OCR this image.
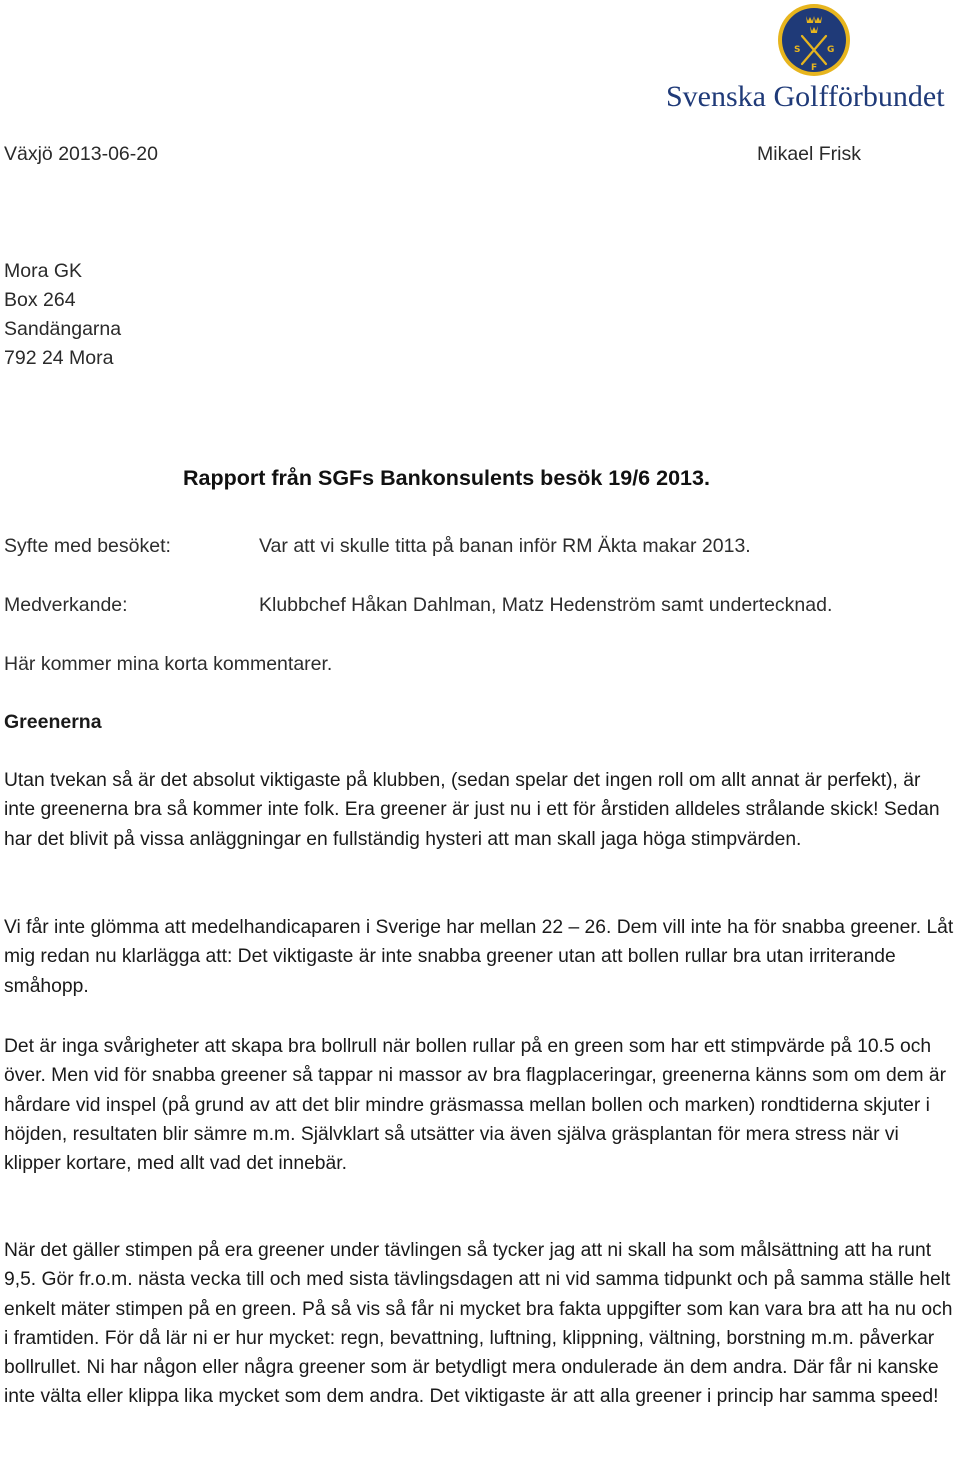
S	G
F
Svenska Golfförbundet
Växjö 2013-06-20	Mikael Frisk
Mora GK
Box 264
Sandängarna
792 24 Mora
Rapport från SGFs Bankonsulents besök 19/6 2013.
Syfte med besöket:	Var att vi skulle titta på banan inför RM Äkta makar 2013.
Medverkande:	Klubbchef Håkan Dahlman, Matz Hedenström samt undertecknad.
Här kommer mina korta kommentarer.
Greenerna

Utan tvekan så är det absolut viktigaste på klubben, (sedan spelar det ingen roll om allt annat är perfekt), är inte greenerna bra så kommer inte folk. Era greener är just nu i ett för årstiden alldeles strålande skick! Sedan har det blivit på vissa anläggningar en fullständig hysteri att man skall jaga höga stimpvärden.

Vi får inte glömma att medelhandicaparen i Sverige har mellan 22 – 26. Dem vill inte ha för snabba greener. Låt mig redan nu klarlägga att: Det viktigaste är inte snabba greener utan att bollen rullar bra utan irriterande småhopp.

Det är inga svårigheter att skapa bra bollrull när bollen rullar på en green som har ett stimpvärde på 10.5 och över. Men vid för snabba greener så tappar ni massor av bra flagplaceringar, greenerna känns som om dem är hårdare vid inspel (på grund av att det blir mindre gräsmassa mellan bollen och marken) rondtiderna skjuter i höjden, resultaten blir sämre m.m. Självklart så utsätter via även själva gräsplantan för mera stress när vi klipper kortare, med allt vad det innebär.

När det gäller stimpen på era greener under tävlingen så tycker jag att ni skall ha som målsättning att ha runt 9,5. Gör fr.o.m. nästa vecka till och med sista tävlingsdagen att ni vid samma tidpunkt och på samma ställe helt enkelt mäter stimpen på en green. På så vis så får ni mycket bra fakta uppgifter som kan vara bra att ha nu och i framtiden. För då lär ni er hur mycket: regn, bevattning, luftning, klippning, vältning, borstning m.m. påverkar bollrullet. Ni har någon eller några greener som är betydligt mera ondulerade än dem andra. Där får ni kanske inte välta eller klippa lika mycket som dem andra. Det viktigaste är att alla greener i princip har samma speed!
